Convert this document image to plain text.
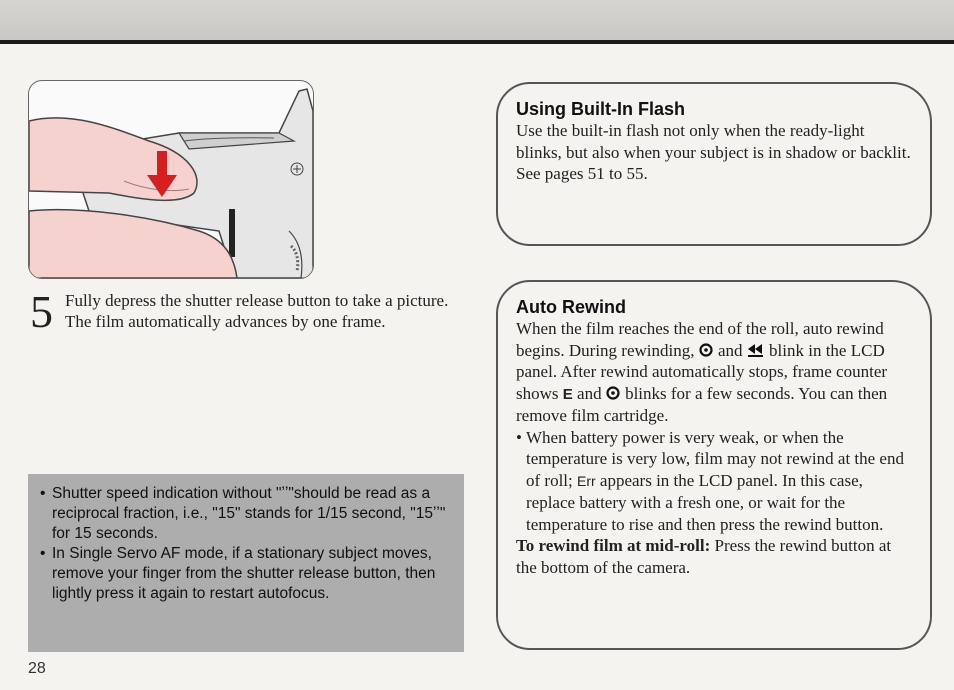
5 Fully depress the shutter release button to take a picture. The film automatically advances by one frame.
• Shutter speed indication without "ʼʼ"should be read as a reciprocal fraction, i.e., "15" stands for 1/15 second, "15ʼʼ" for 15 seconds.
• In Single Servo AF mode, if a stationary subject moves, remove your finger from the shutter release button, then lightly press it again to restart autofocus.
Using Built-In Flash
Use the built-in flash not only when the ready-light blinks, but also when your subject is in shadow or backlit.
See pages 51 to 55.
Auto Rewind
When the film reaches the end of the roll, auto rewind begins. During rewinding, and blink in the LCD panel. After rewind automatically stops, frame counter shows E and blinks for a few seconds. You can then remove film cartridge.
• When battery power is very weak, or when the temperature is very low, film may not rewind at the end of roll; Err appears in the LCD panel. In this case, replace battery with a fresh one, or wait for the temperature to rise and then press the rewind button.
To rewind film at mid-roll: Press the rewind button at the bottom of the camera.
28
